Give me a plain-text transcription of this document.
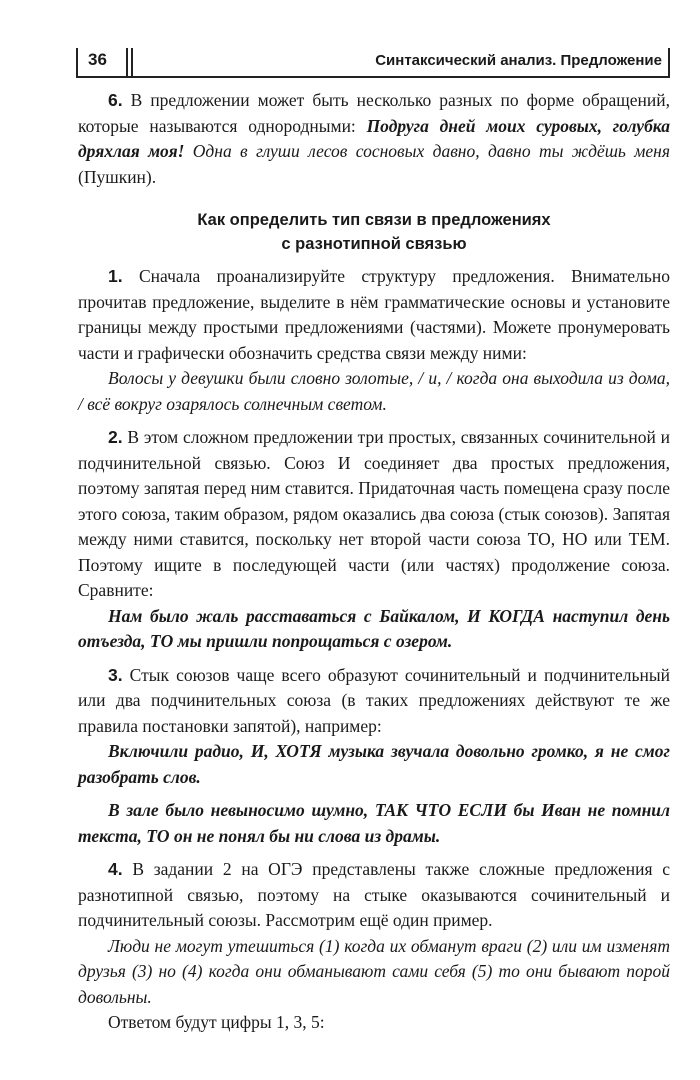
36	Синтаксический анализ. Предложение

6. В предложении может быть несколько разных по форме обращений, которые называются однородными: Подруга дней моих суровых, голубка дряхлая моя! Одна в глуши лесов сосновых давно, давно ты ждёшь меня (Пушкин).

Как определить тип связи в предложениях
с разнотипной связью

1. Сначала проанализируйте структуру предложения. Внимательно прочитав предложение, выделите в нём грамматические основы и установите границы между простыми предложениями (частями). Можете пронумеровать части и графически обозначить средства связи между ними:

Волосы у девушки были словно золотые, / и, / когда она выходила из дома, / всё вокруг озарялось солнечным светом.

2. В этом сложном предложении три простых, связанных сочинительной и подчинительной связью. Союз И соединяет два простых предложения, поэтому запятая перед ним ставится. Придаточная часть помещена сразу после этого союза, таким образом, рядом оказались два союза (стык союзов). Запятая между ними ставится, поскольку нет второй части союза ТО, НО или ТЕМ. Поэтому ищите в последующей части (или частях) продолжение союза. Сравните:

Нам было жаль расставаться с Байкалом, И КОГДА наступил день отъезда, ТО мы пришли попрощаться с озером.

3. Стык союзов чаще всего образуют сочинительный и подчинительный или два подчинительных союза (в таких предложениях действуют те же правила постановки запятой), например:

Включили радио, И, ХОТЯ музыка звучала довольно громко, я не смог разобрать слов.

В зале было невыносимо шумно, ТАК ЧТО ЕСЛИ бы Иван не помнил текста, ТО он не понял бы ни слова из драмы.

4. В задании 2 на ОГЭ представлены также сложные предложения с разнотипной связью, поэтому на стыке оказываются сочинительный и подчинительный союзы. Рассмотрим ещё один пример.

Люди не могут утешиться (1) когда их обманут враги (2) или им изменят друзья (3) но (4) когда они обманывают сами себя (5) то они бывают порой довольны.

Ответом будут цифры 1, 3, 5:
